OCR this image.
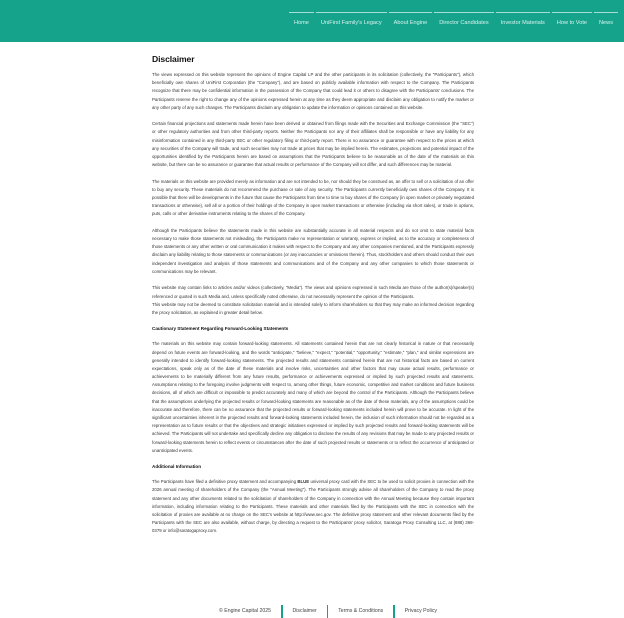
Home	UniFirst Family's Legacy	About Engine	Director Candidates	Investor Materials	How to Vote	News
Disclaimer

The views expressed on this website represent the opinions of Engine Capital LP and the other participants in its solicitation (collectively, the "Participants"), which beneficially own shares of UniFirst Corporation (the "Company"), and are based on publicly available information with respect to the Company. The Participants recognize that there may be confidential information in the possession of the Company that could lead it or others to disagree with the Participants' conclusions. The Participants reserve the right to change any of the opinions expressed herein at any time as they deem appropriate and disclaim any obligation to notify the market or any other party of any such changes. The Participants disclaim any obligation to update the information or opinions contained on this website.

Certain financial projections and statements made herein have been derived or obtained from filings made with the Securities and Exchange Commission (the "SEC") or other regulatory authorities and from other third-party reports. Neither the Participants nor any of their affiliates shall be responsible or have any liability for any misinformation contained in any third-party SEC or other regulatory filing or third-party report. There is no assurance or guarantee with respect to the prices at which any securities of the Company will trade, and such securities may not trade at prices that may be implied herein. The estimates, projections and potential impact of the opportunities identified by the Participants herein are based on assumptions that the Participants believe to be reasonable as of the date of the materials on this website, but there can be no assurance or guarantee that actual results or performance of the Company will not differ, and such differences may be material.

The materials on this website are provided merely as information and are not intended to be, nor should they be construed as, an offer to sell or a solicitation of an offer to buy any security. These materials do not recommend the purchase or sale of any security. The Participants currently beneficially own shares of the Company. It is possible that there will be developments in the future that cause the Participants from time to time to buy shares of the Company (in open market or privately negotiated transactions or otherwise), sell all or a portion of their holdings of the Company in open market transactions or otherwise (including via short sales), or trade in options, puts, calls or other derivative instruments relating to the shares of the Company.

Although the Participants believe the statements made in this website are substantially accurate in all material respects and do not omit to state material facts necessary to make those statements not misleading, the Participants make no representation or warranty, express or implied, as to the accuracy or completeness of those statements or any other written or oral communication it makes with respect to the Company and any other companies mentioned, and the Participants expressly disclaim any liability relating to those statements or communications (or any inaccuracies or omissions therein). Thus, stockholders and others should conduct their own independent investigation and analysis of those statements and communications and of the Company and any other companies to which those statements or communications may be relevant.

This website may contain links to articles and/or videos (collectively, "Media"). The views and opinions expressed in such Media are those of the author(s)/speaker(s) referenced or quoted in such Media and, unless specifically noted otherwise, do not necessarily represent the opinion of the Participants.
This website may not be deemed to constitute solicitation material and is intended solely to inform shareholders so that they may make an informed decision regarding the proxy solicitation, as explained in greater detail below.

Cautionary Statement Regarding Forward-Looking Statements

The materials on this website may contain forward-looking statements. All statements contained herein that are not clearly historical in nature or that necessarily depend on future events are forward-looking, and the words "anticipate," "believe," "expect," "potential," "opportunity," "estimate," "plan," and similar expressions are generally intended to identify forward-looking statements. The projected results and statements contained herein that are not historical facts are based on current expectations, speak only as of the date of these materials and involve risks, uncertainties and other factors that may cause actual results, performance or achievements to be materially different from any future results, performance or achievements expressed or implied by such projected results and statements. Assumptions relating to the foregoing involve judgments with respect to, among other things, future economic, competitive and market conditions and future business decisions, all of which are difficult or impossible to predict accurately and many of which are beyond the control of the Participants. Although the Participants believe that the assumptions underlying the projected results or forward-looking statements are reasonable as of the date of these materials, any of the assumptions could be inaccurate and therefore, there can be no assurance that the projected results or forward-looking statements included herein will prove to be accurate. In light of the significant uncertainties inherent in the projected results and forward-looking statements included herein, the inclusion of such information should not be regarded as a representation as to future results or that the objectives and strategic initiatives expressed or implied by such projected results and forward-looking statements will be achieved. The Participants will not undertake and specifically decline any obligation to disclose the results of any revisions that may be made to any projected results or forward-looking statements herein to reflect events or circumstances after the date of such projected results or statements or to reflect the occurrence of anticipated or unanticipated events.

Additional Information

The Participants have filed a definitive proxy statement and accompanying BLUE universal proxy card with the SEC to be used to solicit proxies in connection with the 2026 annual meeting of shareholders of the Company (the "Annual Meeting"). The Participants strongly advise all shareholders of the Company to read the proxy statement and any other documents related to the solicitation of shareholders of the Company in connection with the Annual Meeting because they contain important information, including information relating to the Participants. These materials and other materials filed by the Participants with the SEC in connection with the solicitation of proxies are available at no charge on the SEC's website at http://www.sec.gov. The definitive proxy statement and other relevant documents filed by the Participants with the SEC are also available, without charge, by directing a request to the Participants' proxy solicitor, Saratoga Proxy Consulting LLC, at (888) 368-0379 or info@saratogaproxy.com.

© Engine Capital 2025	Disclaimer	Terms & Conditions	Privacy Policy
